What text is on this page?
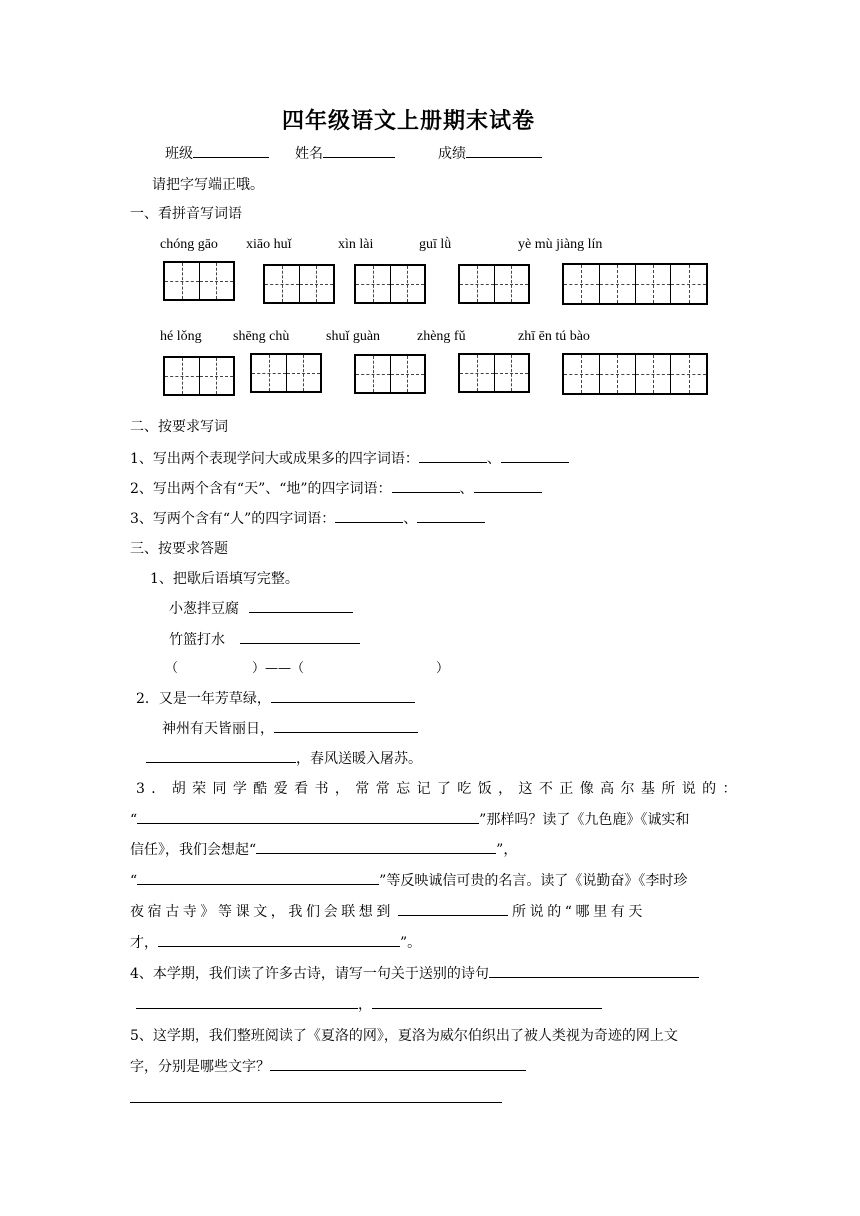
四年级语文上册期末试卷
班级	姓名	成绩
请把字写端正哦。
一、看拼音写词语
chóng gāo xiāo huǐ	xìn lài	guī lǜ	yè mù jiàng lín
hé lǒng shēng chù	shuǐ guàn	zhèng fǔ	zhī ēn tú bào
二、按要求写词
1、写出两个表现学问大或成果多的四字词语：	、
2、写出两个含有“天”、“地”的四字词语：	、
3、写两个含有“人”的四字词语：	、
三、按要求答题
1、把歇后语填写完整。
小葱拌豆腐
竹篮打水
（	）——（	）
2．又是一年芳草绿，
神州有天皆丽日，
，春风送暖入屠苏。
3．胡荣同学酷爱看书，常常忘记了吃饭，这不正像高尔基所说的：
“	”那样吗？读了《九色鹿》《诚实和
信任》，我们会想起“	”，
“	”等反映诚信可贵的名言。读了《说勤奋》《李时珍
夜宿古寺》等课文，我们会联想到	所说的“哪里有天
才，	”。
4、本学期，我们读了许多古诗，请写一句关于送别的诗句
，
5、这学期，我们整班阅读了《夏洛的网》，夏洛为威尔伯织出了被人类视为奇迹的网上文
字，分别是哪些文字？
